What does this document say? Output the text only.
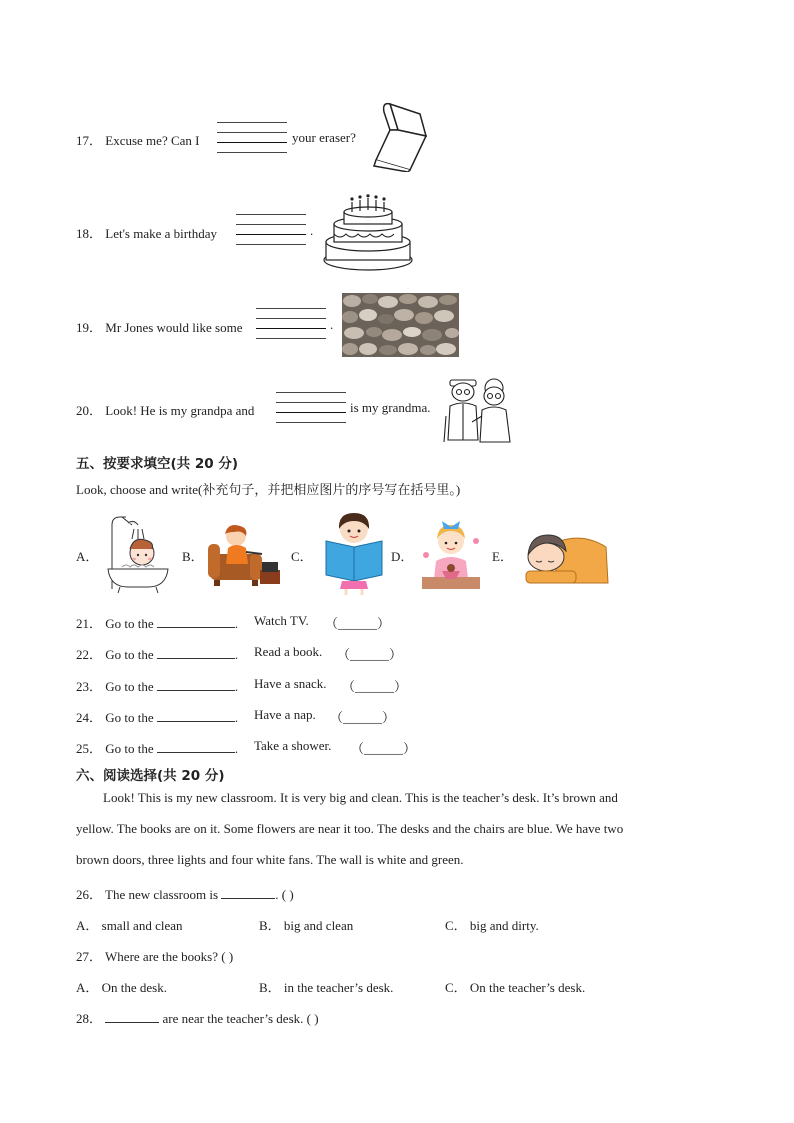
17． Excuse me? Can I	your eraser?
18． Let's make a birthday	.
19． Mr Jones would like some	.
20． Look! He is my grandpa and	is my grandma.
五、按要求填空(共 20 分)
Look, choose and write(补充句子，并把相应图片的序号写在括号里。)
A．	B．	C．	D．	E．
21． Go to the	. Watch TV. （______）
22． Go to the	. Read a book. （______）
23． Go to the	. Have a snack. （______）
24． Go to the	. Have a nap. （______）
25． Go to the	. Take a shower. （______）
六、阅读选择(共 20 分)
Look! This is my new classroom. It is very big and clean. This is the teacher’s desk. It’s brown and
yellow. The books are on it. Some flowers are near it too. The desks and the chairs are blue. We have two
brown doors, three lights and four white fans. The wall is white and green.
26． The new classroom is	. ( )
A． small and clean	B． big and clean	C． big and dirty.
27． Where are the books? ( )
A． On the desk.	B． in the teacher’s desk.	C． On the teacher’s desk.
28．	are near the teacher’s desk. ( )
